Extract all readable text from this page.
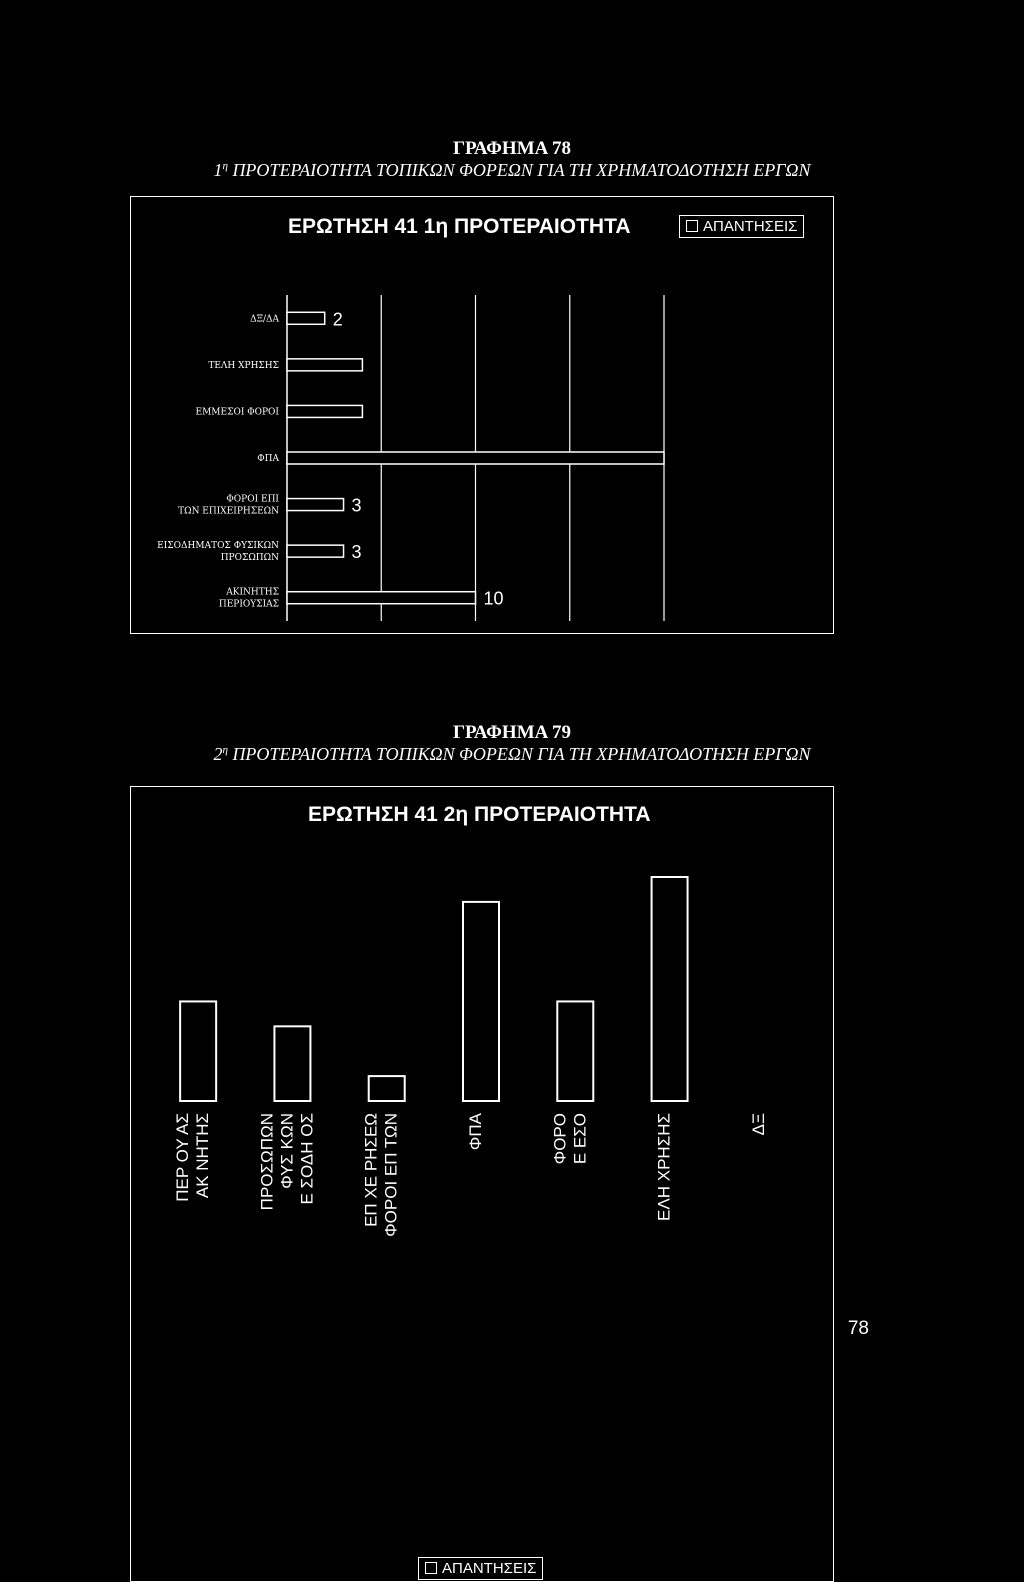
ΓΡΑΦΗΜΑ 78
$1^\eta$ ΠΡΟΤΕΡΑΙΟΤΗΤΑ ΤΟΠΙΚΩΝ ΦΟΡΕΩΝ ΓΙΑ ΤΗ ΧΡΗΜΑΤΟΔΟΤΗΣΗ ΕΡΓΩΝ
ΕΡΩΤΗΣΗ 41 1η ΠΡΟΤΕΡΑΙΟΤΗΤΑ	ΑΠΑΝΤΗΣΕΙΣ
ΔΞ/ΔΑ	2
ΤΕΛΗ ΧΡΗΣΗΣ
ΕΜΜΕΣΟΙ ΦΟΡΟΙ
ΦΠΑ
ΦΟΡΟΙ ΕΠΙ ΤΩΝ ΕΠΙΧΕΙΡΗΣΕΩΝ	3
ΕΙΣΟΔΗΜΑΤΟΣ ΦΥΣΙΚΩΝ ΠΡΟΣΩΠΩΝ	3
ΑΚΙΝΗΤΗΣ ΠΕΡΙΟΥΣΙΑΣ	10
ΓΡΑΦΗΜΑ 79
$2^\eta$ ΠΡΟΤΕΡΑΙΟΤΗΤΑ ΤΟΠΙΚΩΝ ΦΟΡΕΩΝ ΓΙΑ ΤΗ ΧΡΗΜΑΤΟΔΟΤΗΣΗ ΕΡΓΩΝ
ΕΡΩΤΗΣΗ 41 2η ΠΡΟΤΕΡΑΙΟΤΗΤΑ
ΑΚ ΝΗΤΗΣΠΕΡ ΟΥ ΑΣ	Ε ΣΟΔΗ ΟΣΦΥΣ ΚΩΝΠΡΟΣΩΠΩΝ	ΦΟΡΟΙ ΕΠ ΤΩΝΕΠ ΧΕ ΡΗΣΕΩ	ΦΠΑ	Ε ΕΣΟΦΟΡΟ	ΕΛΗ ΧΡΗΣΗΣ	ΔΞ
ΑΠΑΝΤΗΣΕΙΣ
78
